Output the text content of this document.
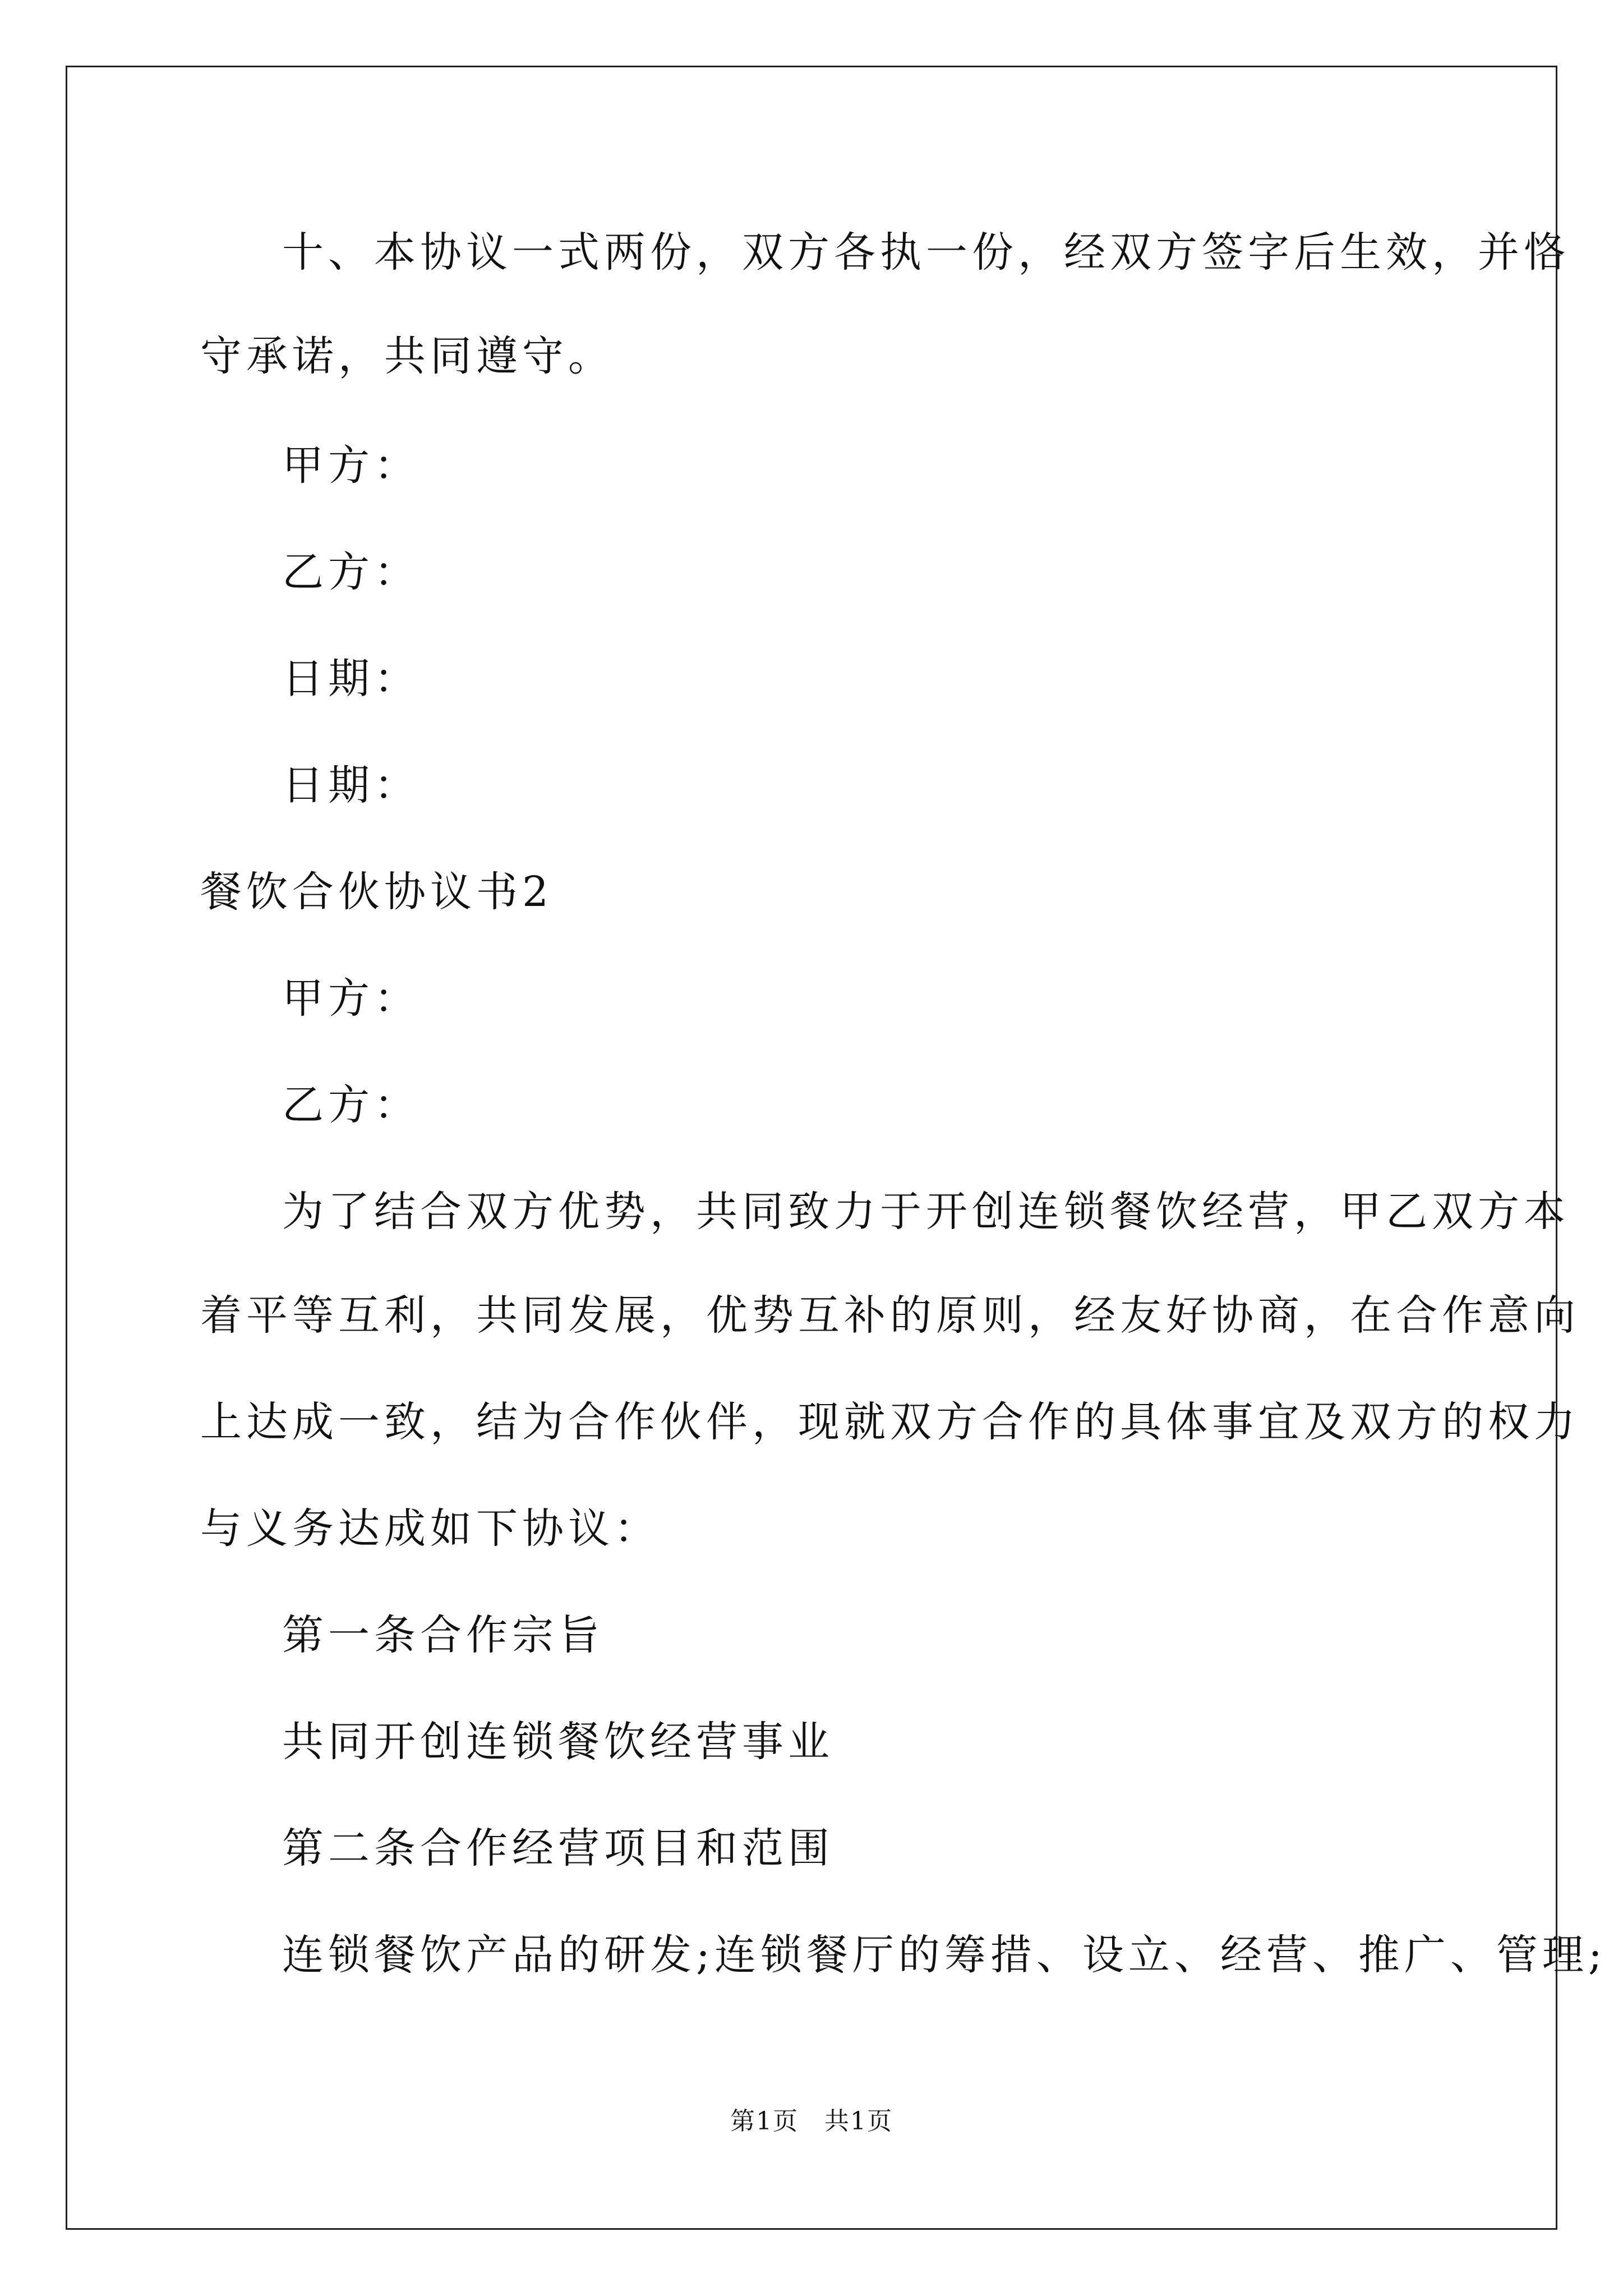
十、本协议一式两份，双方各执一份，经双方签字后生效，并恪
守承诺，共同遵守。
甲方：
乙方：
日期：
日期：
餐饮合伙协议书2
甲方：
乙方：
为了结合双方优势，共同致力于开创连锁餐饮经营，甲乙双方本
着平等互利，共同发展，优势互补的原则，经友好协商，在合作意向
上达成一致，结为合作伙伴，现就双方合作的具体事宜及双方的权力
与义务达成如下协议：
第一条合作宗旨
共同开创连锁餐饮经营事业
第二条合作经营项目和范围
连锁餐饮产品的研发;连锁餐厅的筹措、设立、经营、推广、管理;
第1页　共1页
